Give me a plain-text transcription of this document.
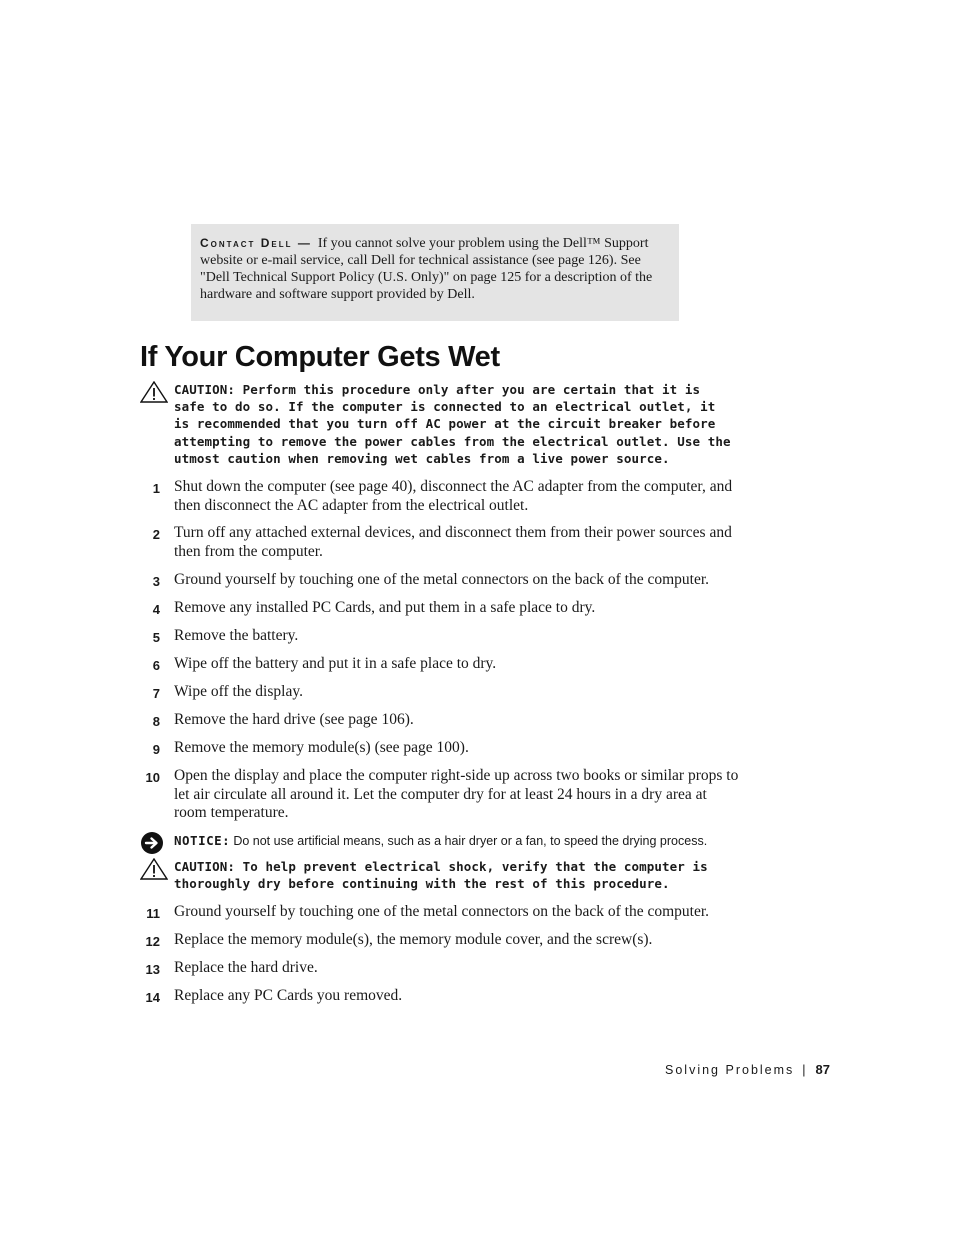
Contact Dell — If you cannot solve your problem using the Dell™ Support website or e-mail service, call Dell for technical assistance (see page 126). See "Dell Technical Support Policy (U.S. Only)" on page 125 for a description of the hardware and software support provided by Dell.
If Your Computer Gets Wet
CAUTION: Perform this procedure only after you are certain that it is safe to do so. If the computer is connected to an electrical outlet, it is recommended that you turn off AC power at the circuit breaker before attempting to remove the power cables from the electrical outlet. Use the utmost caution when removing wet cables from a live power source.
1 Shut down the computer (see page 40), disconnect the AC adapter from the computer, and then disconnect the AC adapter from the electrical outlet.
2 Turn off any attached external devices, and disconnect them from their power sources and then from the computer.
3 Ground yourself by touching one of the metal connectors on the back of the computer.
4 Remove any installed PC Cards, and put them in a safe place to dry.
5 Remove the battery.
6 Wipe off the battery and put it in a safe place to dry.
7 Wipe off the display.
8 Remove the hard drive (see page 106).
9 Remove the memory module(s) (see page 100).
10 Open the display and place the computer right-side up across two books or similar props to let air circulate all around it. Let the computer dry for at least 24 hours in a dry area at room temperature.
NOTICE: Do not use artificial means, such as a hair dryer or a fan, to speed the drying process.
CAUTION: To help prevent electrical shock, verify that the computer is thoroughly dry before continuing with the rest of this procedure.
11 Ground yourself by touching one of the metal connectors on the back of the computer.
12 Replace the memory module(s), the memory module cover, and the screw(s).
13 Replace the hard drive.
14 Replace any PC Cards you removed.
Solving Problems | 87
